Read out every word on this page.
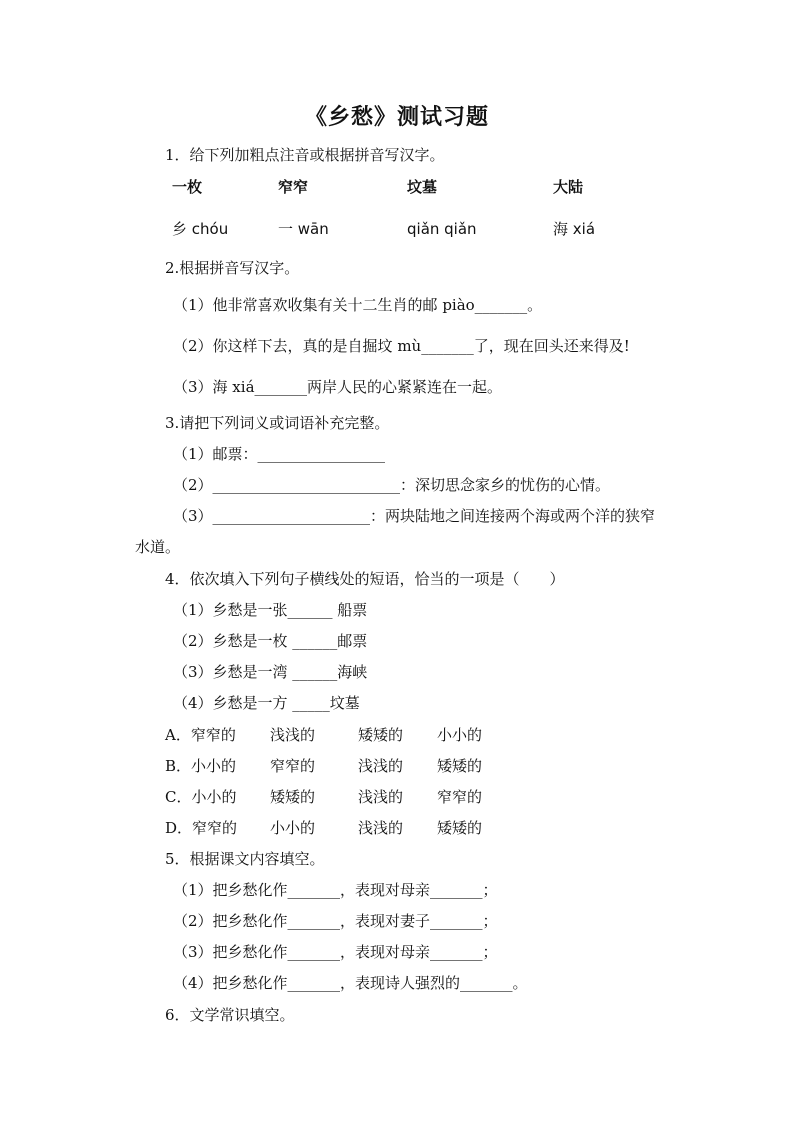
《乡愁》测试习题
1．给下列加粗点注音或根据拼音写汉字。
一枚	窄窄	坟墓	大陆
乡 chóu	一 wān	qiǎn qiǎn	海 xiá
2.根据拼音写汉字。
（1）他非常喜欢收集有关十二生肖的邮 piào_______。
（2）你这样下去，真的是自掘坟 mù_______了，现在回头还来得及!
（3）海 xiá_______两岸人民的心紧紧连在一起。
3.请把下列词义或词语补充完整。
（1）邮票：_________________
（2）_________________________：深切思念家乡的忧伤的心情。
（3）_____________________：两块陆地之间连接两个海或两个洋的狭窄
水道。
4．依次填入下列句子横线处的短语，恰当的一项是（　　）
（1）乡愁是一张______ 船票
（2）乡愁是一枚 ______邮票
（3）乡愁是一湾 ______海峡
（4）乡愁是一方 _____坟墓
A．窄窄的 浅浅的	矮矮的 小小的
B．小小的 窄窄的	浅浅的 矮矮的
C．小小的 矮矮的	浅浅的 窄窄的
D．窄窄的 小小的	浅浅的 矮矮的
5．根据课文内容填空。
（1）把乡愁化作_______，表现对母亲_______；
（2）把乡愁化作_______，表现对妻子_______；
（3）把乡愁化作_______，表现对母亲_______；
（4）把乡愁化作_______，表现诗人强烈的_______。
6．文学常识填空。
